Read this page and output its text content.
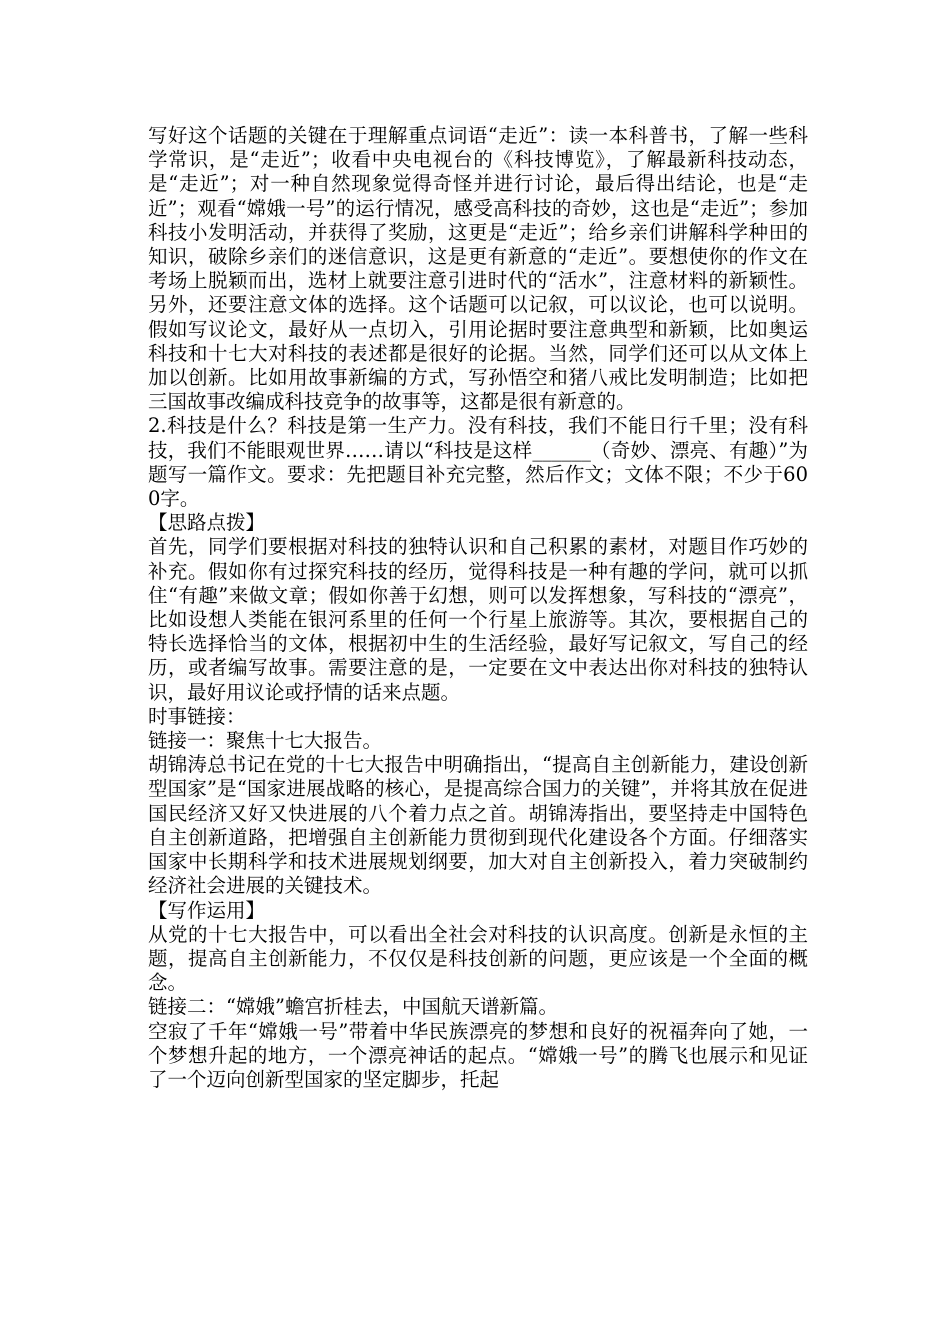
写好这个话题的关键在于理解重点词语“走近”：读一本科普书，了解一些科学常识，是“走近”；收看中央电视台的《科技博览》，了解最新科技动态，是“走近”；对一种自然现象觉得奇怪并进行讨论，最后得出结论，也是“走近”；观看“嫦娥一号”的运行情况，感受高科技的奇妙，这也是“走近”；参加科技小发明活动，并获得了奖励，这更是“走近”；给乡亲们讲解科学种田的知识，破除乡亲们的迷信意识，这是更有新意的“走近”。要想使你的作文在考场上脱颖而出，选材上就要注意引进时代的“活水”，注意材料的新颖性。另外，还要注意文体的选择。这个话题可以记叙，可以议论，也可以说明。假如写议论文，最好从一点切入，引用论据时要注意典型和新颖，比如奥运科技和十七大对科技的表述都是很好的论据。当然，同学们还可以从文体上加以创新。比如用故事新编的方式，写孙悟空和猪八戒比发明制造；比如把三国故事改编成科技竞争的故事等，这都是很有新意的。

2.科技是什么？科技是第一生产力。没有科技，我们不能日行千里；没有科技，我们不能眼观世界……请以“科技是这样______（奇妙、漂亮、有趣）”为题写一篇作文。要求：先把题目补充完整，然后作文；文体不限；不少于600字。

【思路点拨】

首先，同学们要根据对科技的独特认识和自己积累的素材，对题目作巧妙的补充。假如你有过探究科技的经历，觉得科技是一种有趣的学问，就可以抓住“有趣”来做文章；假如你善于幻想，则可以发挥想象，写科技的“漂亮”，比如设想人类能在银河系里的任何一个行星上旅游等。其次，要根据自己的特长选择恰当的文体，根据初中生的生活经验，最好写记叙文，写自己的经历，或者编写故事。需要注意的是，一定要在文中表达出你对科技的独特认识，最好用议论或抒情的话来点题。

时事链接：

链接一：聚焦十七大报告。

胡锦涛总书记在党的十七大报告中明确指出，“提高自主创新能力，建设创新型国家”是“国家进展战略的核心，是提高综合国力的关键”，并将其放在促进国民经济又好又快进展的八个着力点之首。胡锦涛指出，要坚持走中国特色自主创新道路，把增强自主创新能力贯彻到现代化建设各个方面。仔细落实国家中长期科学和技术进展规划纲要，加大对自主创新投入，着力突破制约经济社会进展的关键技术。

【写作运用】

从党的十七大报告中，可以看出全社会对科技的认识高度。创新是永恒的主题，提高自主创新能力，不仅仅是科技创新的问题，更应该是一个全面的概念。

链接二：“嫦娥”蟾宫折桂去，中国航天谱新篇。

空寂了千年“嫦娥一号”带着中华民族漂亮的梦想和良好的祝福奔向了她，一个梦想升起的地方，一个漂亮神话的起点。“嫦娥一号”的腾飞也展示和见证了一个迈向创新型国家的坚定脚步，托起
